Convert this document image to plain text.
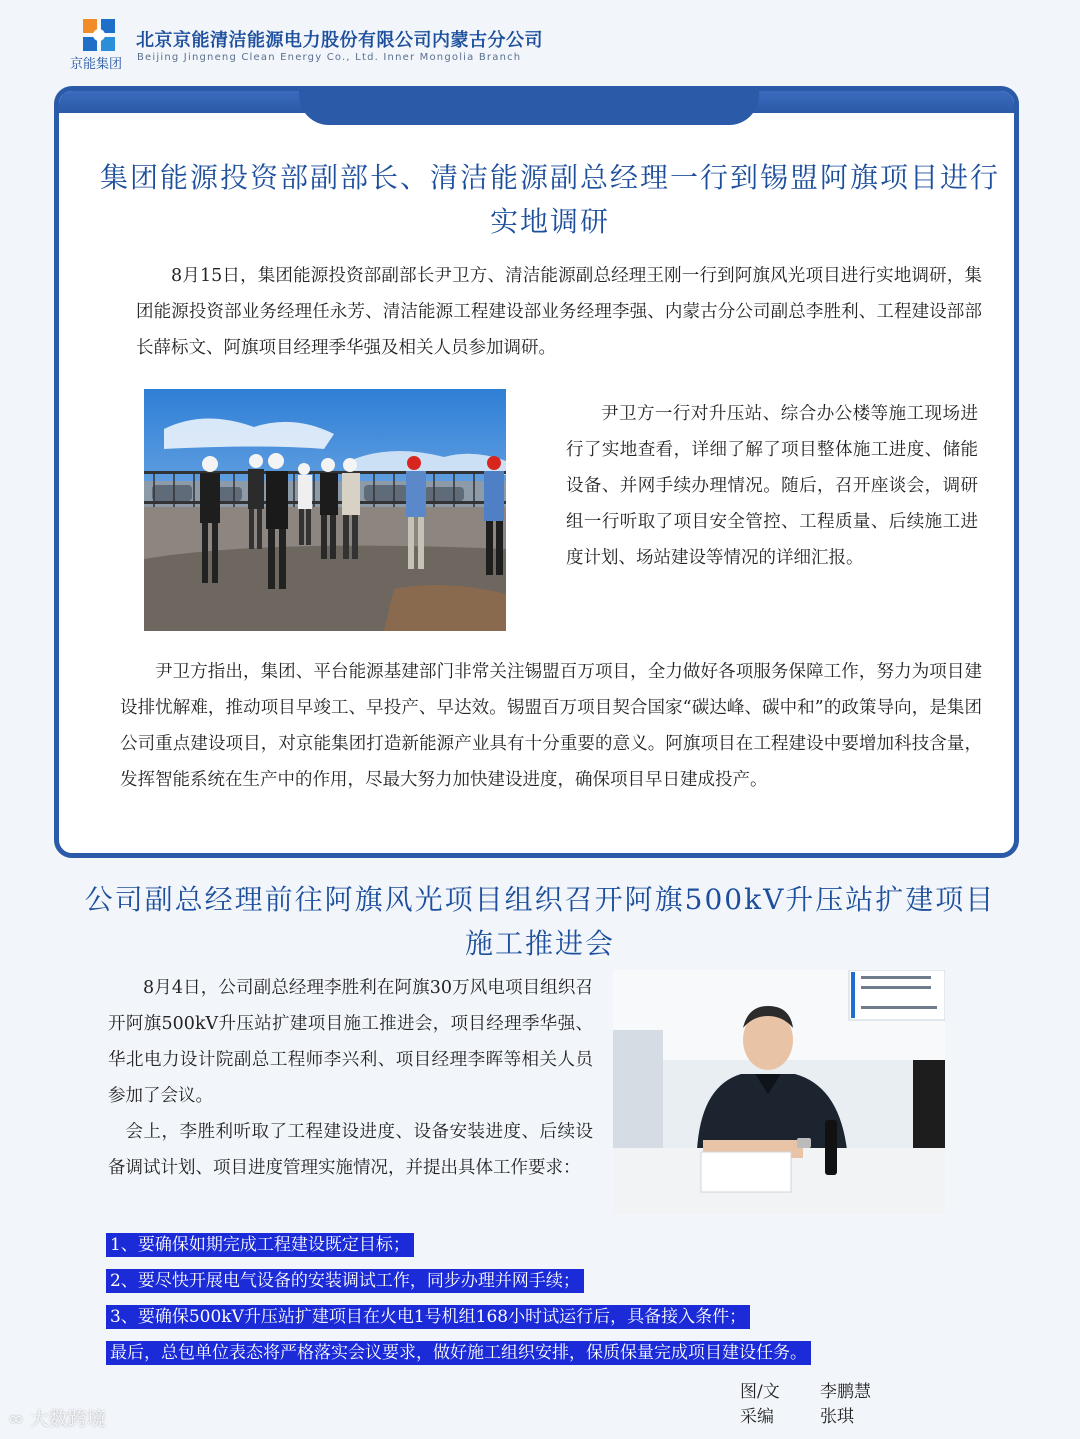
京能集团
北京京能清洁能源电力股份有限公司内蒙古分公司
Beijing Jingneng Clean Energy Co., Ltd. Inner Mongolia Branch
集团能源投资部副部长、清洁能源副总经理一行到锡盟阿旗项目进行实地调研
8月15日，集团能源投资部副部长尹卫方、清洁能源副总经理王刚一行到阿旗风光项目进行实地调研，集团能源投资部业务经理任永芳、清洁能源工程建设部业务经理李强、内蒙古分公司副总李胜利、工程建设部部长薛标文、阿旗项目经理季华强及相关人员参加调研。
尹卫方一行对升压站、综合办公楼等施工现场进行了实地查看，详细了解了项目整体施工进度、储能设备、并网手续办理情况。随后，召开座谈会，调研组一行听取了项目安全管控、工程质量、后续施工进度计划、场站建设等情况的详细汇报。
尹卫方指出，集团、平台能源基建部门非常关注锡盟百万项目，全力做好各项服务保障工作，努力为项目建设排忧解难，推动项目早竣工、早投产、早达效。锡盟百万项目契合国家“碳达峰、碳中和”的政策导向，是集团公司重点建设项目，对京能集团打造新能源产业具有十分重要的意义。阿旗项目在工程建设中要增加科技含量，发挥智能系统在生产中的作用，尽最大努力加快建设进度，确保项目早日建成投产。
公司副总经理前往阿旗风光项目组织召开阿旗500kV升压站扩建项目施工推进会
8月4日，公司副总经理李胜利在阿旗30万风电项目组织召开阿旗500kV升压站扩建项目施工推进会，项目经理季华强、华北电力设计院副总工程师李兴利、项目经理李晖等相关人员参加了会议。
会上，李胜利听取了工程建设进度、设备安装进度、后续设备调试计划、项目进度管理实施情况，并提出具体工作要求：
1、要确保如期完成工程建设既定目标；
2、要尽快开展电气设备的安装调试工作，同步办理并网手续；
3、要确保500kV升压站扩建项目在火电1号机组168小时试运行后，具备接入条件；
最后，总包单位表态将严格落实会议要求，做好施工组织安排，保质保量完成项目建设任务。
图/文	李鹏慧
采编	张琪
∞ 大数跨境
